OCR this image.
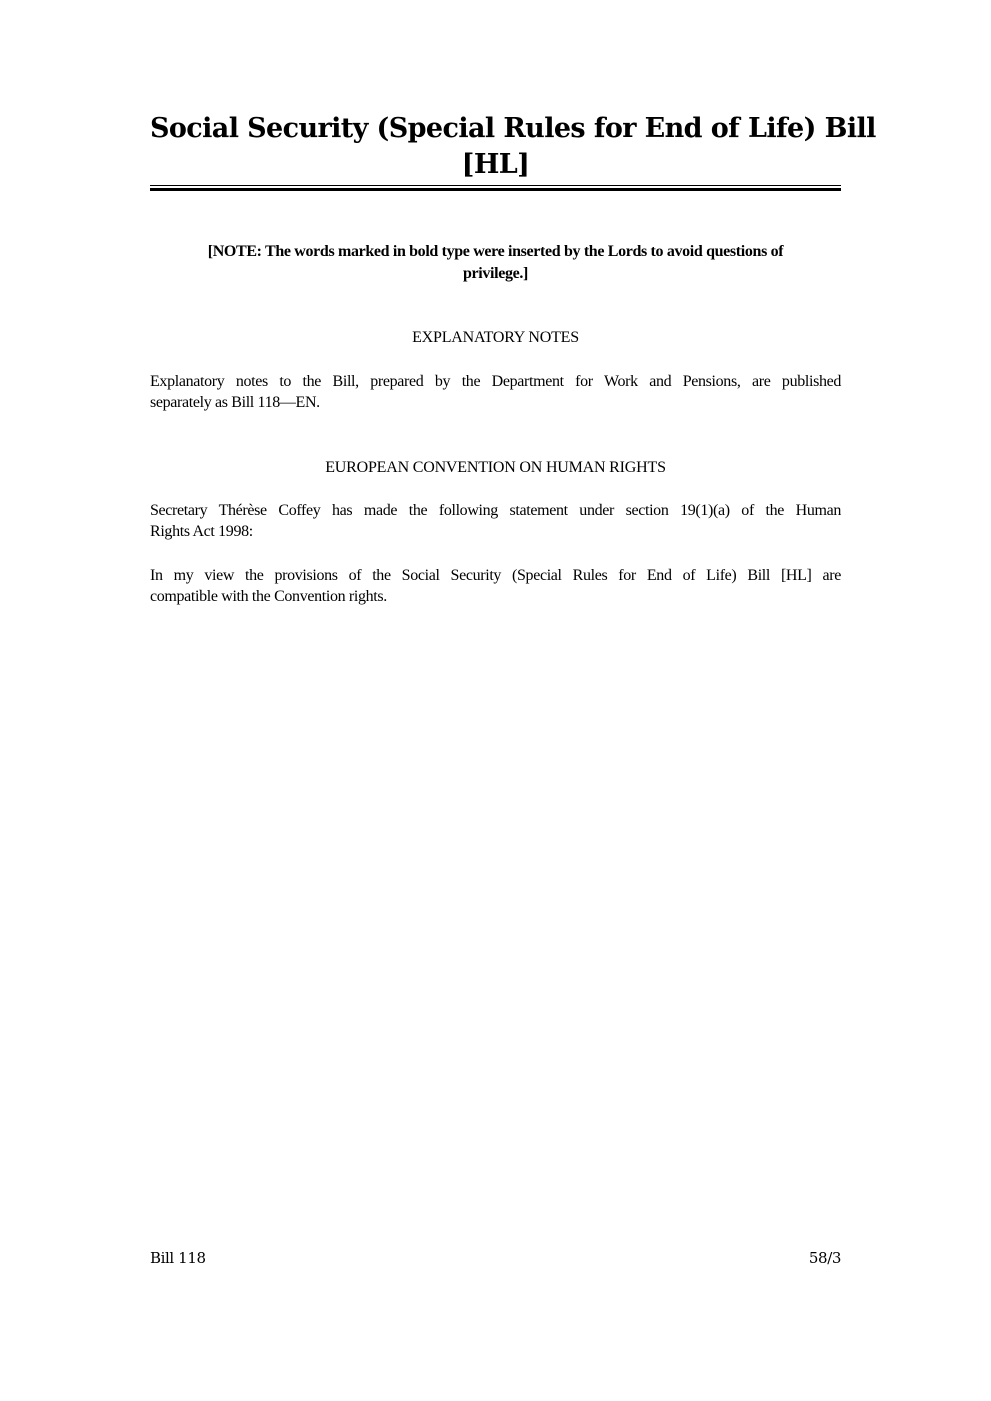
Social Security (Special Rules for End of Life) Bill
[HL]
[NOTE: The words marked in bold type were inserted by the Lords to avoid questions of
privilege.]
EXPLANATORY NOTES
Explanatory notes to the Bill, prepared by the Department for Work and Pensions, are published
separately as Bill 118—EN.
EUROPEAN CONVENTION ON HUMAN RIGHTS
Secretary Thérèse Coffey has made the following statement under section 19(1)(a) of the Human
Rights Act 1998:
In my view the provisions of the Social Security (Special Rules for End of Life) Bill [HL] are
compatible with the Convention rights.
Bill 118	58/3
